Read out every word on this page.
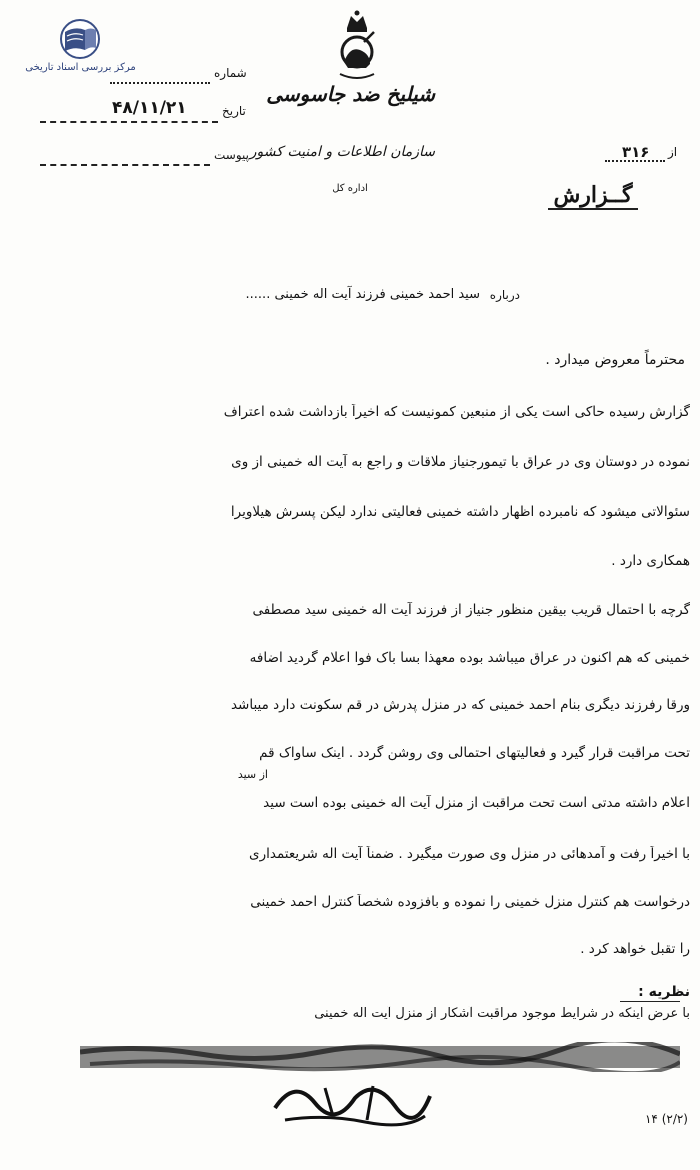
مرکز بررسی اسناد تاریخی	شماره
تاریخ
۴۸/۱۱/۲۱
پیوست
شیلیخ ضد جاسوسی
سازمان اطلاعات و امنیت کشور
اداره کل
از
۳۱۶
گــزارش
درباره
سید احمد خمینی فرزند آیت اله خمینی ......
محترماً معروض میدارد .
گزارش رسیده حاکی است یکی از منبعین کمونیست که اخیراً بازداشت شده اعتراف
نموده در دوستان وی در عراق با تیمورجنیاز ملاقات و راجع به آیت اله خمینی از وی
سئوالاتی میشود که نامبرده اظهار داشته خمینی فعالیتی ندارد لیکن پسرش هیلاویرا
همکاری دارد .
گرچه با احتمال قریب بیقین منظور جنیاز از فرزند آیت اله خمینی سید مصطفی
خمینی که هم اکنون در عراق میباشد بوده معهذا بسا باک فوا اعلام گردید اضافه
ورقا رفرزند دیگری بنام احمد خمینی که در منزل پدرش در قم سکونت دارد میباشد
تحت مراقبت قرار گیرد و فعالیتهای احتمالی وی روشن گردد . اینک ساواک قم
از سید
اعلام داشته مدتی است تحت مراقبت از منزل آیت اله خمینی بوده است سید
با اخیراً رفت و آمدهائی در منزل وی صورت میگیرد . ضمناً آیت اله شریعتمداری
درخواست هم کنترل منزل خمینی را نموده و بافزوده شخصاً کنترل احمد خمینی
را تقبل خواهد کرد .
نظریه :
با عرض اینکه در شرایط موجود مراقبت آشکار از منزل آیت اله خمینی
۱۴ (۲/۲)
